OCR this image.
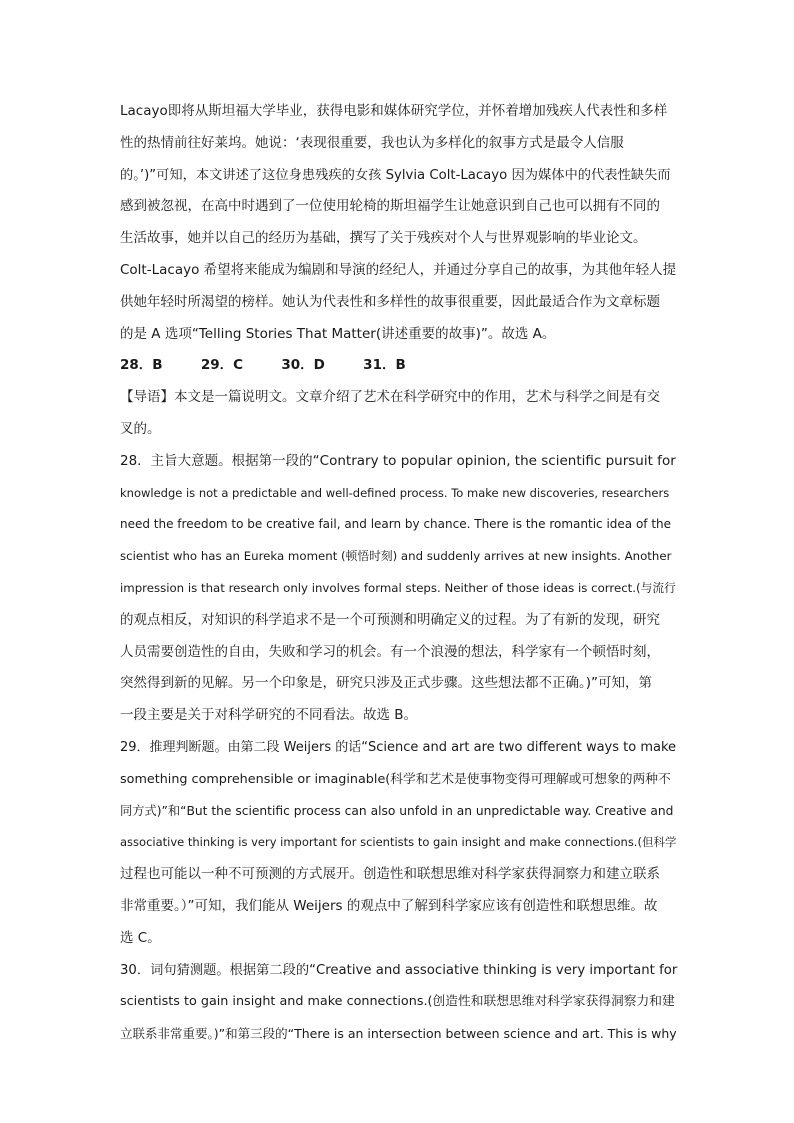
Lacayo即将从斯坦福大学毕业，获得电影和媒体研究学位，并怀着增加残疾人代表性和多样
性的热情前往好莱坞。她说：‘表现很重要，我也认为多样化的叙事方式是最令人信服
的。’)”可知，本文讲述了这位身患残疾的女孩 Sylvia Colt-Lacayo 因为媒体中的代表性缺失而
感到被忽视，在高中时遇到了一位使用轮椅的斯坦福学生让她意识到自己也可以拥有不同的
生活故事，她并以自己的经历为基础，撰写了关于残疾对个人与世界观影响的毕业论文。
Colt-Lacayo 希望将来能成为编剧和导演的经纪人，并通过分享自己的故事，为其他年轻人提
供她年轻时所渴望的榜样。她认为代表性和多样性的故事很重要，因此最适合作为文章标题
的是 A 选项“Telling Stories That Matter(讲述重要的故事)”。故选 A。
28．B	29．C	30．D	31．B
【导语】本文是一篇说明文。文章介绍了艺术在科学研究中的作用，艺术与科学之间是有交
叉的。
28．主旨大意题。根据第一段的“Contrary to popular opinion, the scientific pursuit for
knowledge is not a predictable and well-defined process. To make new discoveries, researchers
need the freedom to be creative fail, and learn by chance. There is the romantic idea of the
scientist who has an Eureka moment (顿悟时刻) and suddenly arrives at new insights. Another
impression is that research only involves formal steps. Neither of those ideas is correct.(与流行
的观点相反，对知识的科学追求不是一个可预测和明确定义的过程。为了有新的发现，研究
人员需要创造性的自由，失败和学习的机会。有一个浪漫的想法，科学家有一个顿悟时刻，
突然得到新的见解。另一个印象是，研究只涉及正式步骤。这些想法都不正确。)”可知，第
一段主要是关于对科学研究的不同看法。故选 B。
29．推理判断题。由第二段 Weijers 的话“Science and art are two different ways to make
something comprehensible or imaginable(科学和艺术是使事物变得可理解或可想象的两种不
同方式)”和“But the scientific process can also unfold in an unpredictable way. Creative and
associative thinking is very important for scientists to gain insight and make connections.(但科学
过程也可能以一种不可预测的方式展开。创造性和联想思维对科学家获得洞察力和建立联系
非常重要。）”可知，我们能从 Weijers 的观点中了解到科学家应该有创造性和联想思维。故
选 C。
30．词句猜测题。根据第二段的“Creative and associative thinking is very important for
scientists to gain insight and make connections.(创造性和联想思维对科学家获得洞察力和建
立联系非常重要。)”和第三段的“There is an intersection between science and art. This is why
